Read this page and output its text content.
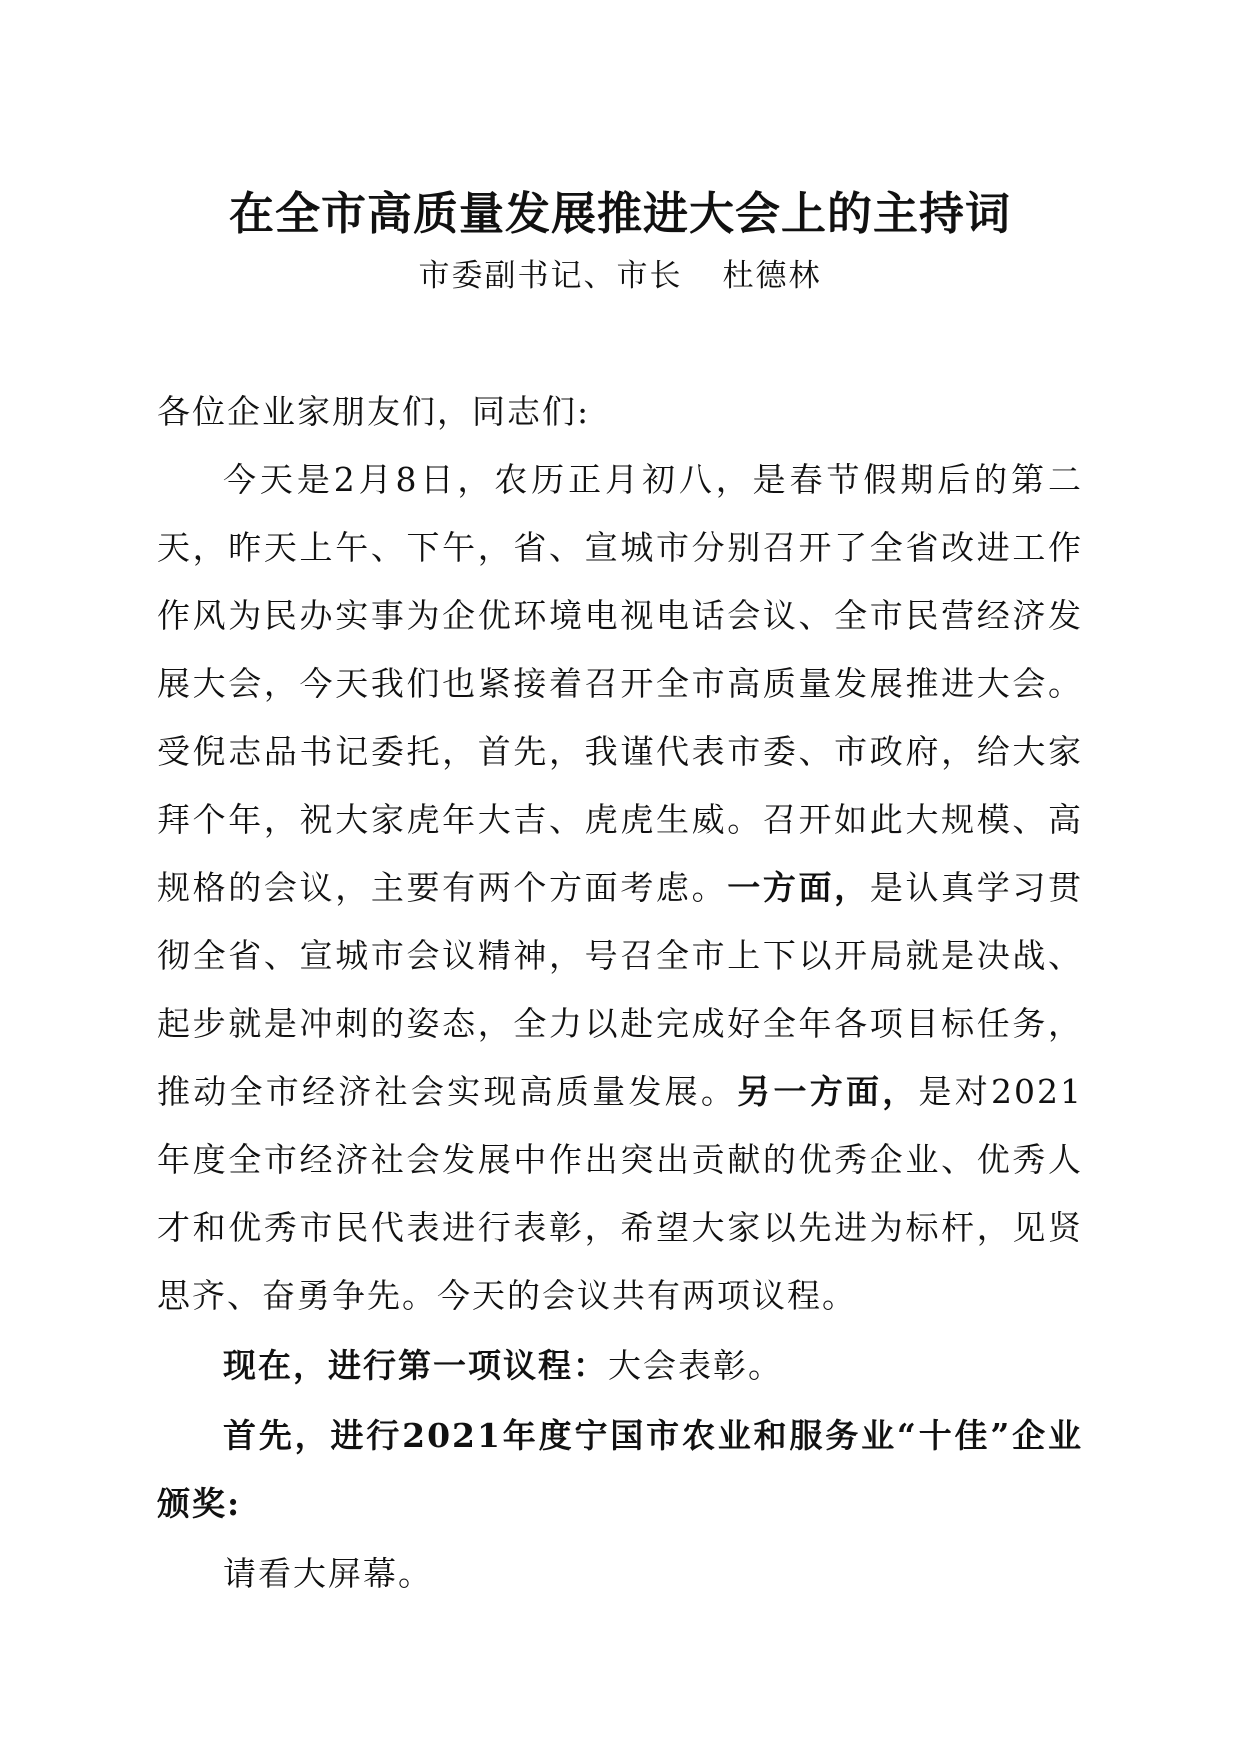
在全市高质量发展推进大会上的主持词
市委副书记、市长 杜德林

各位企业家朋友们，同志们:

今天是2月8日，农历正月初八，是春节假期后的第二天，昨天上午、下午，省、宣城市分别召开了全省改进工作作风为民办实事为企优环境电视电话会议、全市民营经济发展大会，今天我们也紧接着召开全市高质量发展推进大会。受倪志品书记委托，首先，我谨代表市委、市政府，给大家拜个年，祝大家虎年大吉、虎虎生威。召开如此大规模、高规格的会议，主要有两个方面考虑。一方面，是认真学习贯彻全省、宣城市会议精神，号召全市上下以开局就是决战、起步就是冲刺的姿态，全力以赴完成好全年各项目标任务，推动全市经济社会实现高质量发展。另一方面，是对2021年度全市经济社会发展中作出突出贡献的优秀企业、优秀人才和优秀市民代表进行表彰，希望大家以先进为标杆，见贤思齐、奋勇争先。今天的会议共有两项议程。

现在，进行第一项议程：大会表彰。

首先，进行2021年度宁国市农业和服务业“十佳”企业颁奖:

请看大屏幕。
